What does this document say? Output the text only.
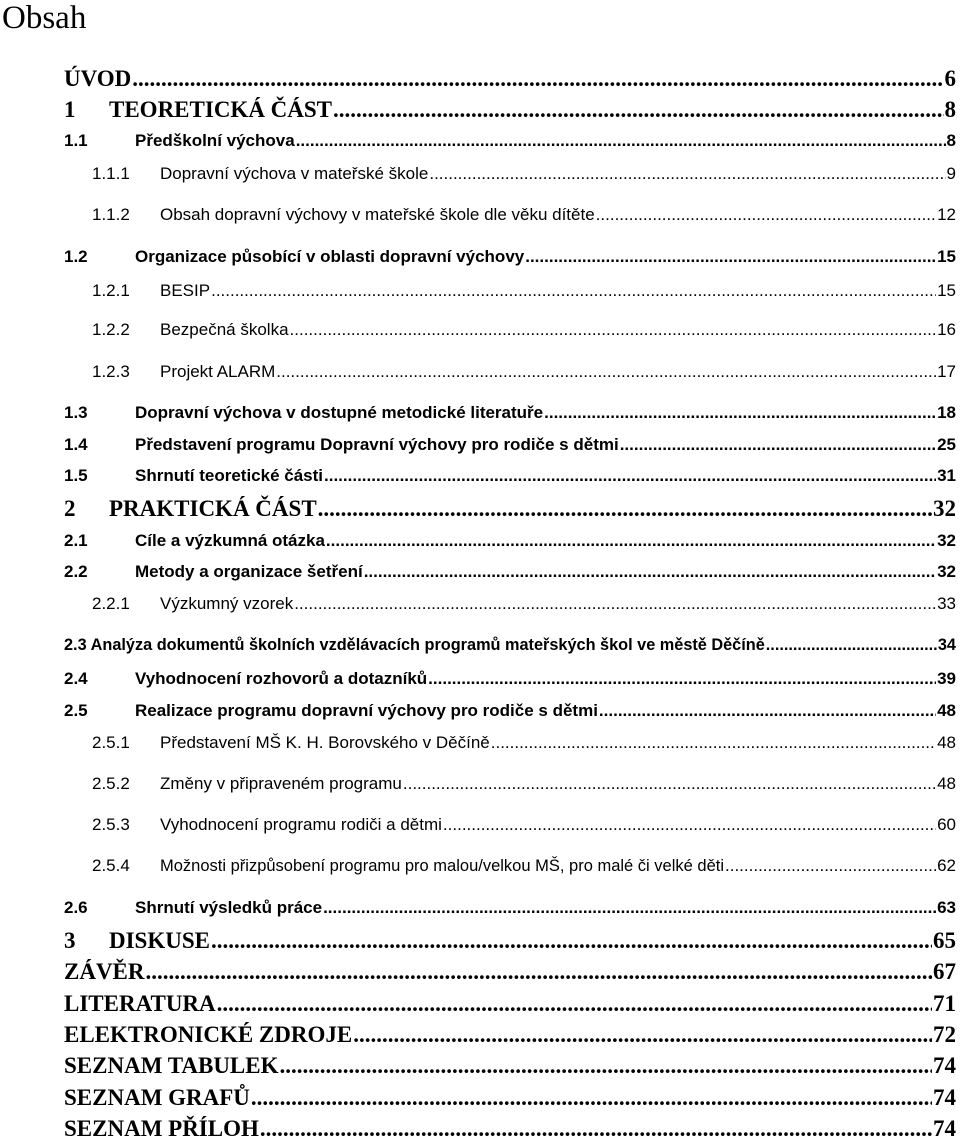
Obsah
ÚVOD .....	6
1	TEORETICKÁ ČÁST .....	8
1.1	Předškolní výchova .....	8
1.1.1	Dopravní výchova v mateřské škole .....	9
1.1.2	Obsah dopravní výchovy v mateřské škole dle věku dítěte .....	12
1.2	Organizace působící v oblasti dopravní výchovy .....	15
1.2.1	BESIP .....	15
1.2.2	Bezpečná školka .....	16
1.2.3	Projekt ALARM .....	17
1.3	Dopravní výchova v dostupné metodické literatuře .....	18
1.4	Představení programu Dopravní výchovy pro rodiče s dětmi .....	25
1.5	Shrnutí teoretické části .....	31
2	PRAKTICKÁ ČÁST .....	32
2.1	Cíle a výzkumná otázka .....	32
2.2	Metody a organizace šetření .....	32
2.2.1	Výzkumný vzorek .....	33
2.3 Analýza dokumentů školních vzdělávacích programů mateřských škol ve městě Děčíně .....	34
2.4	Vyhodnocení rozhovorů a dotazníků .....	39
2.5	Realizace programu dopravní výchovy pro rodiče s dětmi .....	48
2.5.1	Představení MŠ K. H. Borovského v Děčíně .....	48
2.5.2	Změny v připraveném programu .....	48
2.5.3	Vyhodnocení programu rodiči a dětmi .....	60
2.5.4	Možnosti přizpůsobení programu pro malou/velkou MŠ, pro malé či velké děti .....	62
2.6	Shrnutí výsledků práce .....	63
3	DISKUSE .....	65
ZÁVĚR .....	67
LITERATURA .....	71
ELEKTRONICKÉ ZDROJE .....	72
SEZNAM TABULEK .....	74
SEZNAM GRAFŮ .....	74
SEZNAM PŘÍLOH .....	74
